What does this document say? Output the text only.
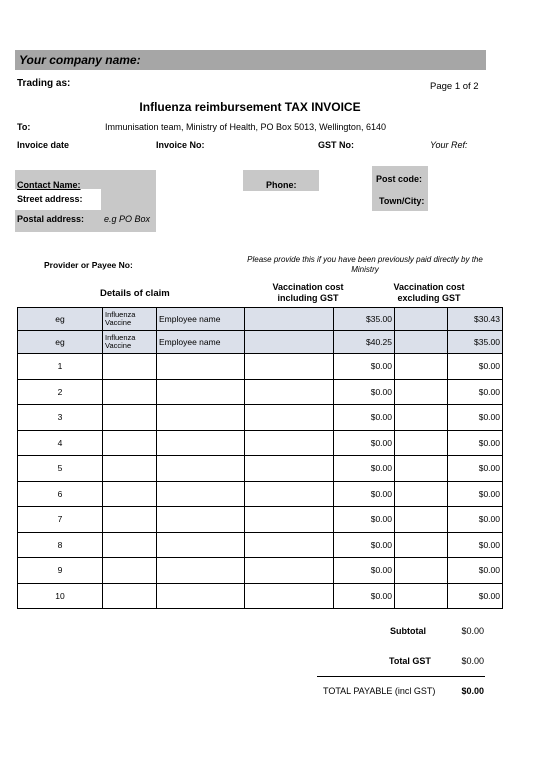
Your company name:
Trading as:	Page 1 of 2
Influenza reimbursement TAX INVOICE
To:	Immunisation team, Ministry of Health, PO Box 5013, Wellington, 6140
Invoice date	Invoice No:	GST No:	Your Ref:
Contact Name:	Phone:
Post code:
Street address:	Town/City:
Postal address: e.g PO Box
Provider or Payee No:
Please provide this if you have been previously paid directly by the Ministry
Details of claim
Vaccination cost including GST
Vaccination cost excluding GST
eg	Influenza Vaccine	Employee name		$35.00		$30.43
eg	Influenza Vaccine	Employee name		$40.25		$35.00
1				$0.00		$0.00
2				$0.00		$0.00
3				$0.00		$0.00
4				$0.00		$0.00
5				$0.00		$0.00
6				$0.00		$0.00
7				$0.00		$0.00
8				$0.00		$0.00
9				$0.00		$0.00
10				$0.00		$0.00
Subtotal	$0.00
Total GST	$0.00
TOTAL PAYABLE (incl GST)	$0.00
